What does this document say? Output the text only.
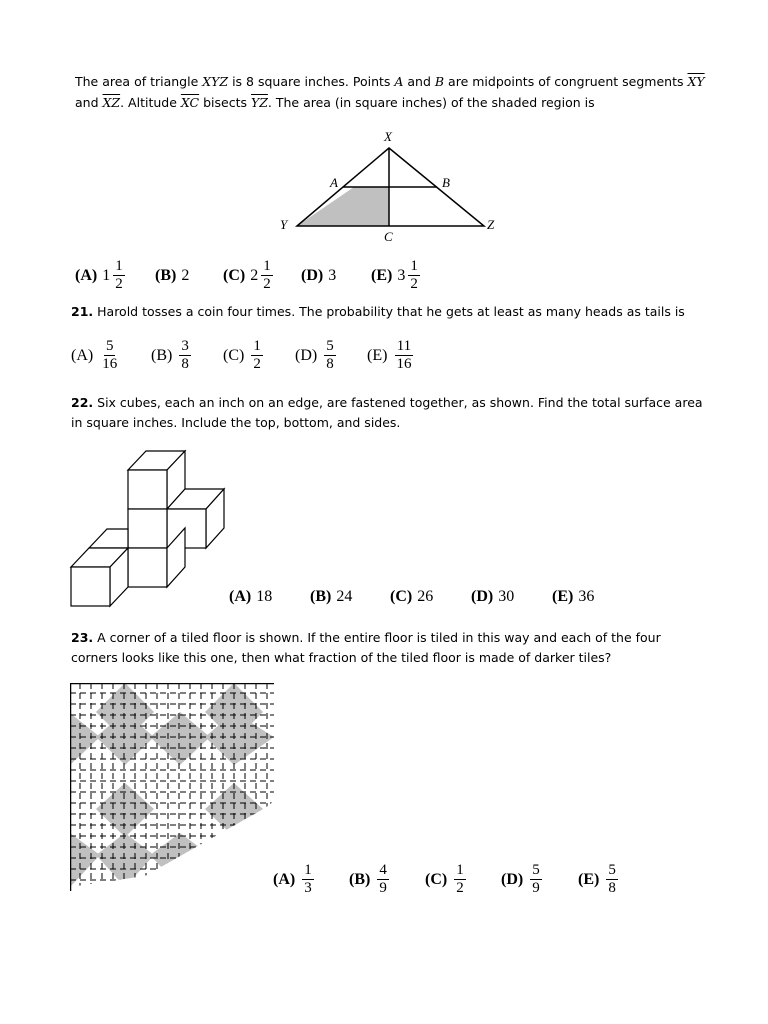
The area of triangle XYZ is 8 square inches. Points A and B are midpoints of congruent segments $\overline{XY}$
and $\overline{XZ}$. Altitude $\overline{XC}$ bisects $\overline{YZ}$. The area (in square inches) of the shaded region is
X
A	B
Y	Z
C
(A) $1 \frac{1}{2} (B)$ 2 (C) $2 \frac{1}{2} (D)$ 3 (E) $3 \frac{1}{2}$
21. Harold tosses a coin four times. The probability that he gets at least as many heads as tails is
$(A) \frac{5}{16} (B) \frac{3}{8} (C) \frac{1}{2} (D) \frac{5}{8} (E) \frac{11}{16}$
22. Six cubes, each an inch on an edge, are fastened together, as shown. Find the total surface area
in square inches. Include the top, bottom, and sides.
(A) 18 (B) 24 (C) 26 (D) 30 (E) 36
23. A corner of a tiled floor is shown. If the entire floor is tiled in this way and each of the four
corners looks like this one, then what fraction of the tiled floor is made of darker tiles?
$(A) \frac{1}{3} (B) \frac{4}{9} (C) \frac{1}{2} (D) \frac{5}{9} (E) \frac{5}{8}$
